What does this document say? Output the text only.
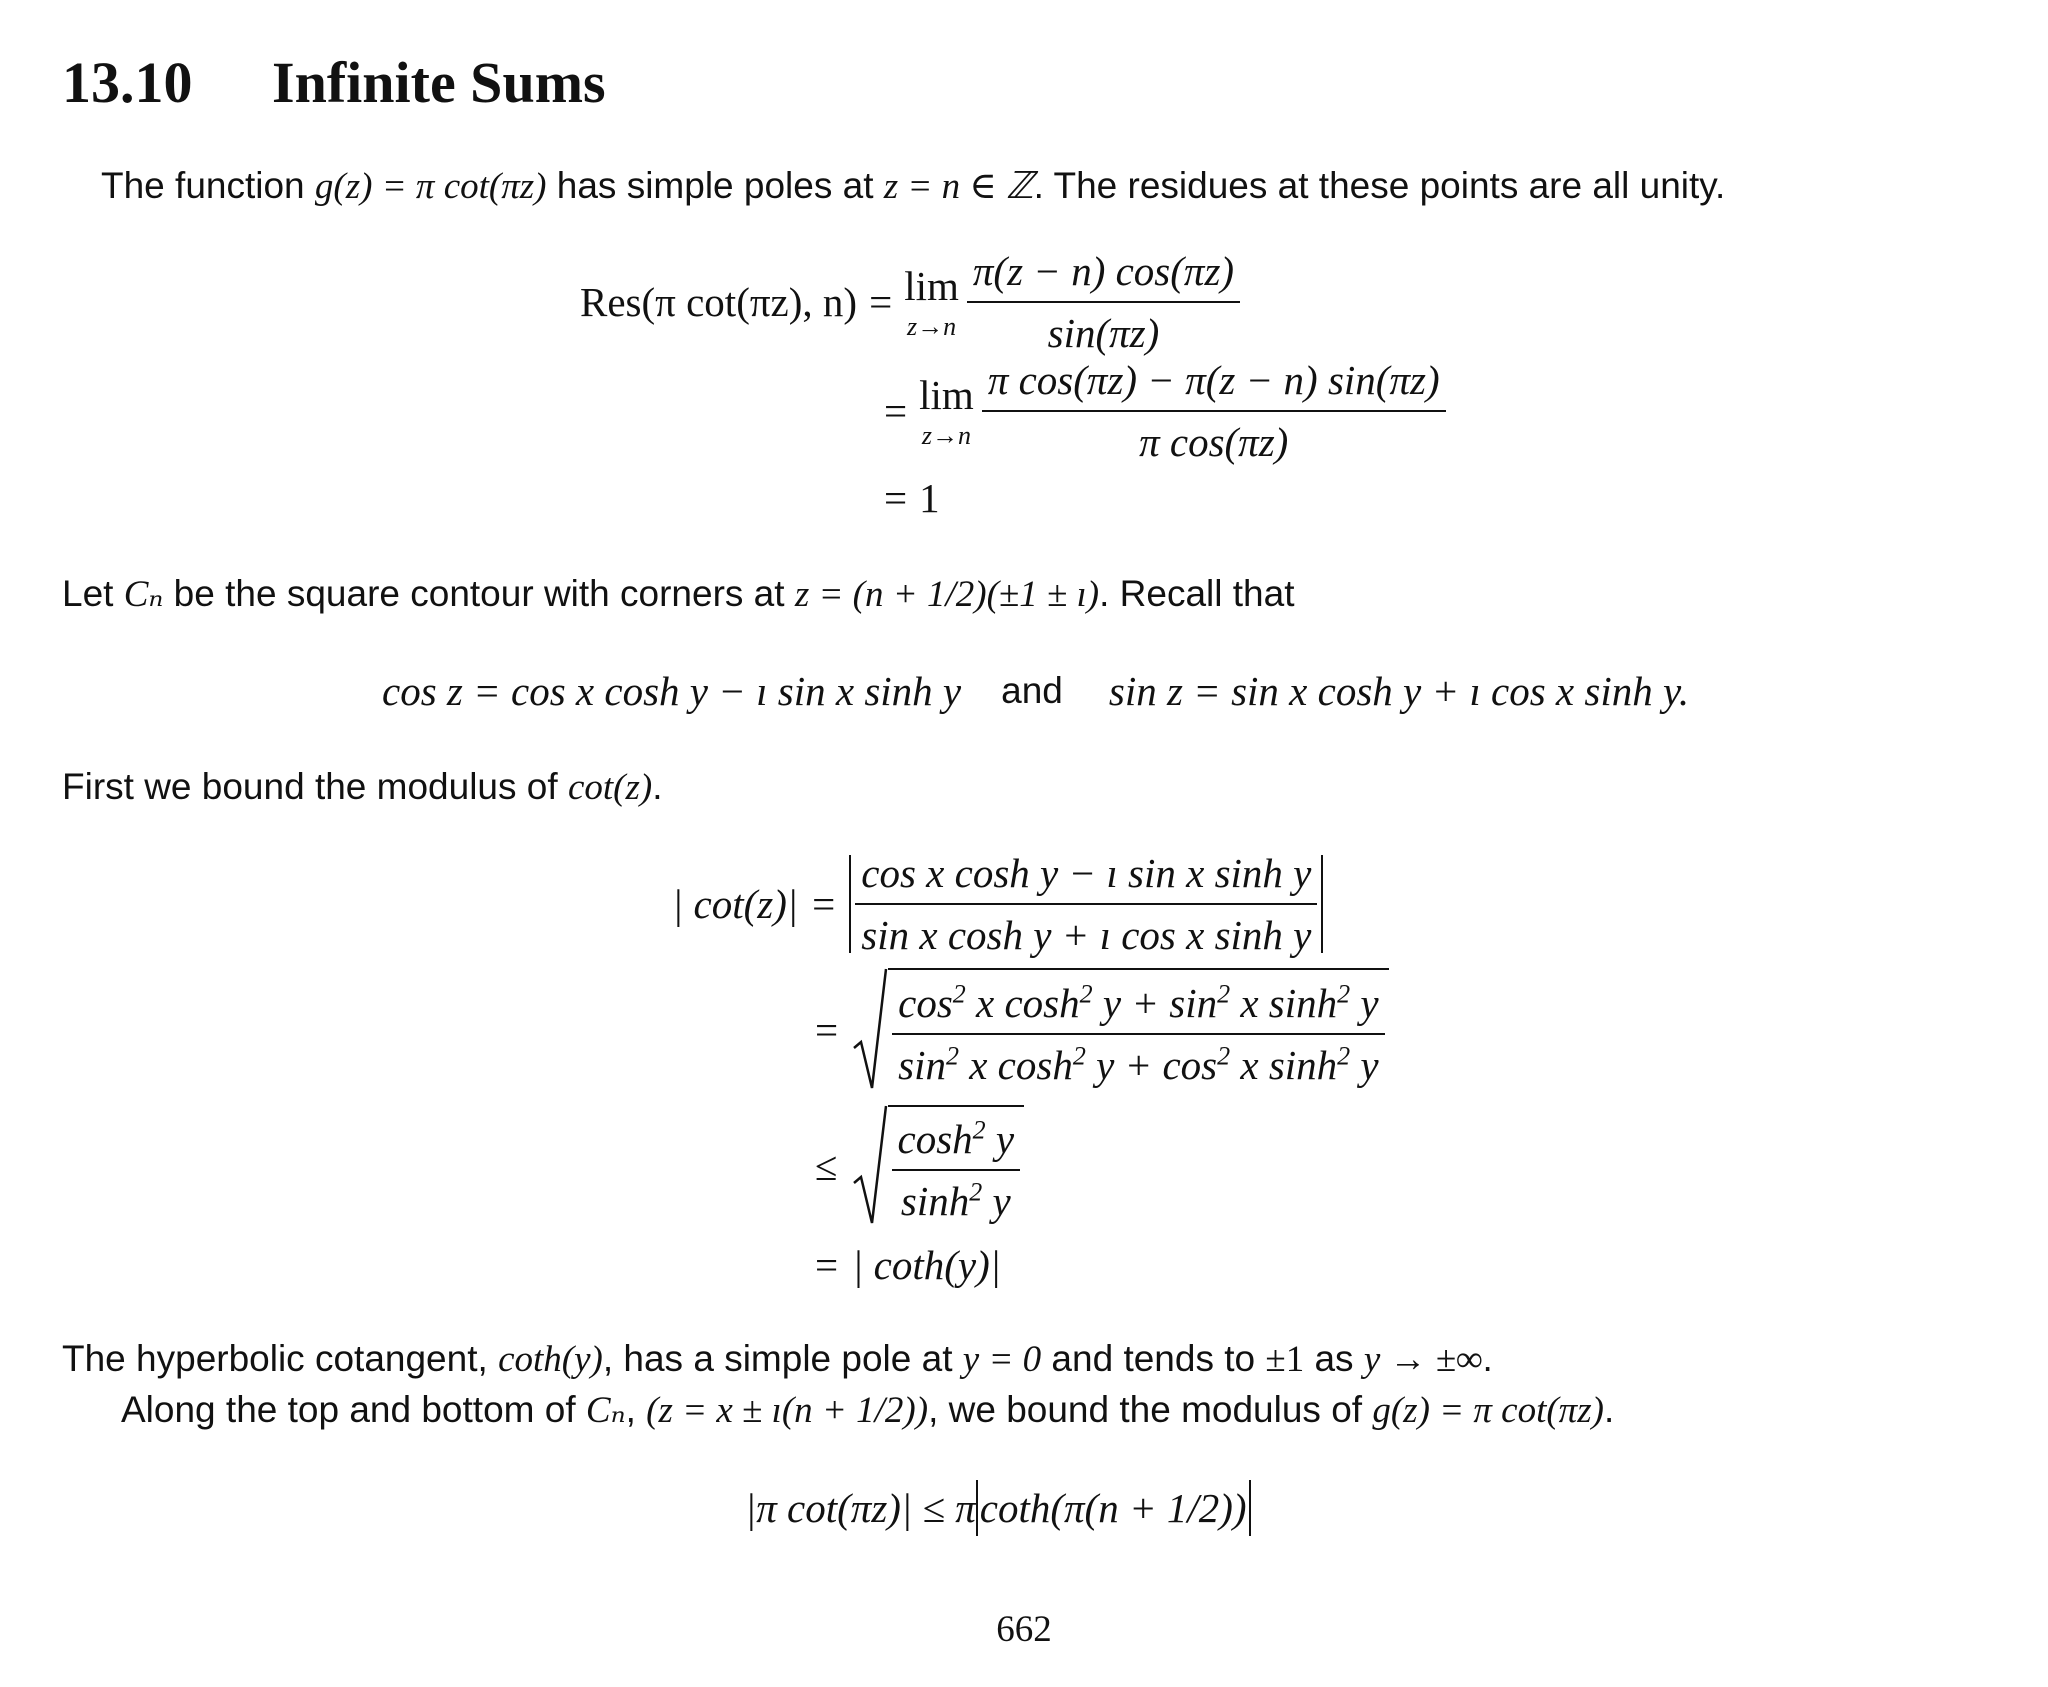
13.10 Infinite Sums
The function g(z) = π cot(πz) has simple poles at z = n ∈ ℤ. The residues at these points are all unity.
Res(π cot(πz), n) = lim
$z\to n \frac{\pi(z - n) \cos(\pi z)}{\sin(\pi z)}$
= lim
$z\to n \frac{\text{π cos(πz) − π(z − n) sin(πz)}}{\text{π cos(πz)}}$
= 1
Let Cₙ be the square contour with corners at z = (n + 1/2)(±1 ± ı). Recall that
cos z = cos x cosh y − ı sin x sinh y and sin z = sin x cosh y + ı cos x sinh y.
First we bound the modulus of cot(z).
| $\cot(z)| = \frac{\text{cos x cosh y − ı sin x sinh y}}{\text{sin x cosh y + ı cos x sinh y}}$
= $\frac{\cos^2 x \cosh^2 y + \sin^2 x \sinh^2 y}{\sin^2 x \cosh^2 y + \cos^2 x \sinh^2 y}$
≤ $\frac{\cosh^2 y}{\sinh^2 y}$
= | coth(y)|
The hyperbolic cotangent, coth(y), has a simple pole at y = 0 and tends to ±1 as y → ±∞.
Along the top and bottom of Cₙ, (z = x ± ı(n + 1/2)), we bound the modulus of g(z) = π cot(πz).
|π cot(πz)| ≤ π coth(π(n + 1/2))
662
